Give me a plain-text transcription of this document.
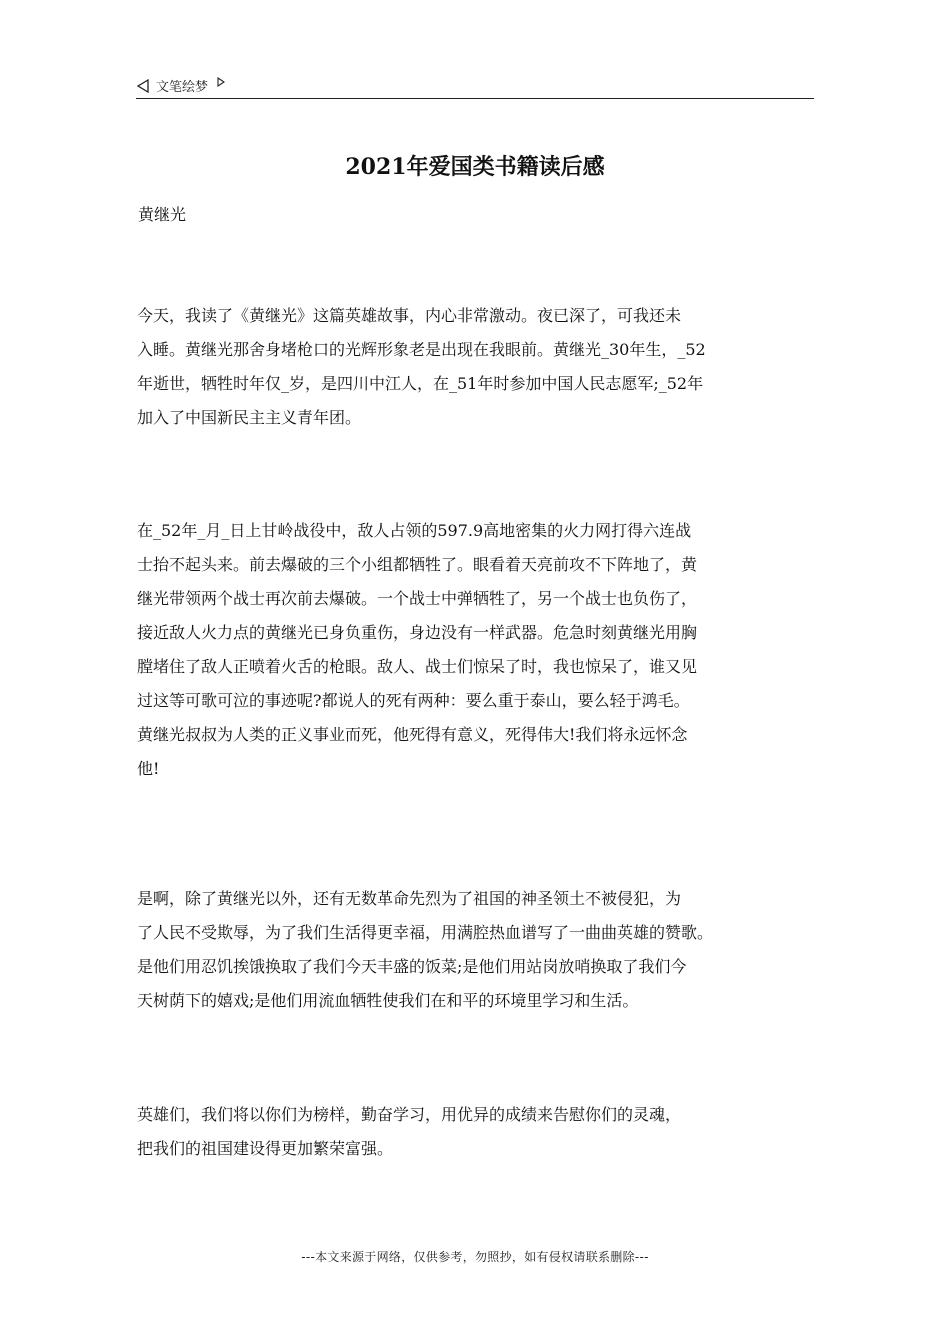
文笔绘梦
2021年爱国类书籍读后感
黄继光

今天，我读了《黄继光》这篇英雄故事，内心非常激动。夜已深了，可我还未
入睡。黄继光那舍身堵枪口的光辉形象老是出现在我眼前。黄继光_30年生，_52
年逝世，牺牲时年仅_岁，是四川中江人，在_51年时参加中国人民志愿军;_52年
加入了中国新民主主义青年团。

在_52年_月_日上甘岭战役中，敌人占领的597.9高地密集的火力网打得六连战
士抬不起头来。前去爆破的三个小组都牺牲了。眼看着天亮前攻不下阵地了，黄
继光带领两个战士再次前去爆破。一个战士中弹牺牲了，另一个战士也负伤了，
接近敌人火力点的黄继光已身负重伤，身边没有一样武器。危急时刻黄继光用胸
膛堵住了敌人正喷着火舌的枪眼。敌人、战士们惊呆了时，我也惊呆了，谁又见
过这等可歌可泣的事迹呢?都说人的死有两种：要么重于泰山，要么轻于鸿毛。
黄继光叔叔为人类的正义事业而死，他死得有意义，死得伟大!我们将永远怀念
他!

是啊，除了黄继光以外，还有无数革命先烈为了祖国的神圣领土不被侵犯，为
了人民不受欺辱，为了我们生活得更幸福，用满腔热血谱写了一曲曲英雄的赞歌。
是他们用忍饥挨饿换取了我们今天丰盛的饭菜;是他们用站岗放哨换取了我们今
天树荫下的嬉戏;是他们用流血牺牲使我们在和平的环境里学习和生活。

英雄们，我们将以你们为榜样，勤奋学习，用优异的成绩来告慰你们的灵魂，
把我们的祖国建设得更加繁荣富强。

---本文来源于网络，仅供参考，勿照抄，如有侵权请联系删除---
